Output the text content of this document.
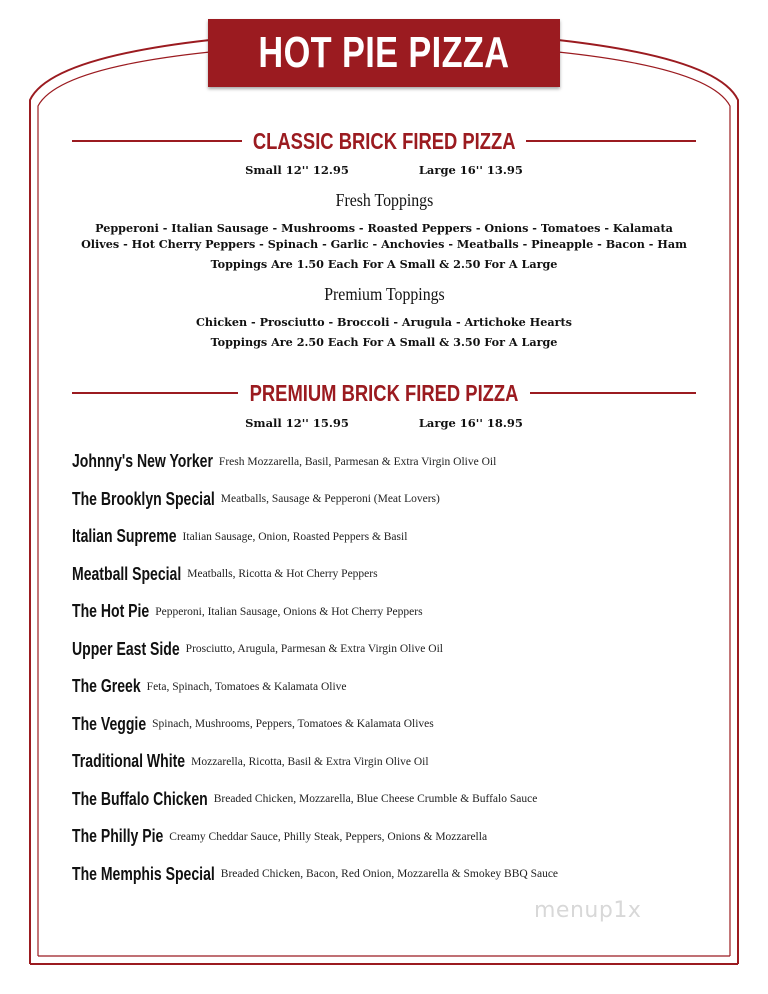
HOT PIE PIZZA
CLASSIC BRICK FIRED PIZZA
Small 12'' 12.95	Large 16'' 13.95
Fresh Toppings
Pepperoni - Italian Sausage - Mushrooms - Roasted Peppers - Onions - Tomatoes - Kalamata
Olives - Hot Cherry Peppers - Spinach - Garlic - Anchovies - Meatballs - Pineapple - Bacon - Ham
Toppings Are 1.50 Each For A Small & 2.50 For A Large
Premium Toppings
Chicken - Prosciutto - Broccoli - Arugula - Artichoke Hearts
Toppings Are 2.50 Each For A Small & 3.50 For A Large
PREMIUM BRICK FIRED PIZZA
Small 12'' 15.95	Large 16'' 18.95
Johnny's New Yorker Fresh Mozzarella, Basil, Parmesan & Extra Virgin Olive Oil
The Brooklyn Special Meatballs, Sausage & Pepperoni (Meat Lovers)
Italian Supreme Italian Sausage, Onion, Roasted Peppers & Basil
Meatball Special Meatballs, Ricotta & Hot Cherry Peppers
The Hot Pie Pepperoni, Italian Sausage, Onions & Hot Cherry Peppers
Upper East Side Prosciutto, Arugula, Parmesan & Extra Virgin Olive Oil
The Greek Feta, Spinach, Tomatoes & Kalamata Olive
The Veggie Spinach, Mushrooms, Peppers, Tomatoes & Kalamata Olives
Traditional White Mozzarella, Ricotta, Basil & Extra Virgin Olive Oil
The Buffalo Chicken Breaded Chicken, Mozzarella, Blue Cheese Crumble & Buffalo Sauce
The Philly Pie Creamy Cheddar Sauce, Philly Steak, Peppers, Onions & Mozzarella
The Memphis Special Breaded Chicken, Bacon, Red Onion, Mozzarella & Smokey BBQ Sauce
menup1x
